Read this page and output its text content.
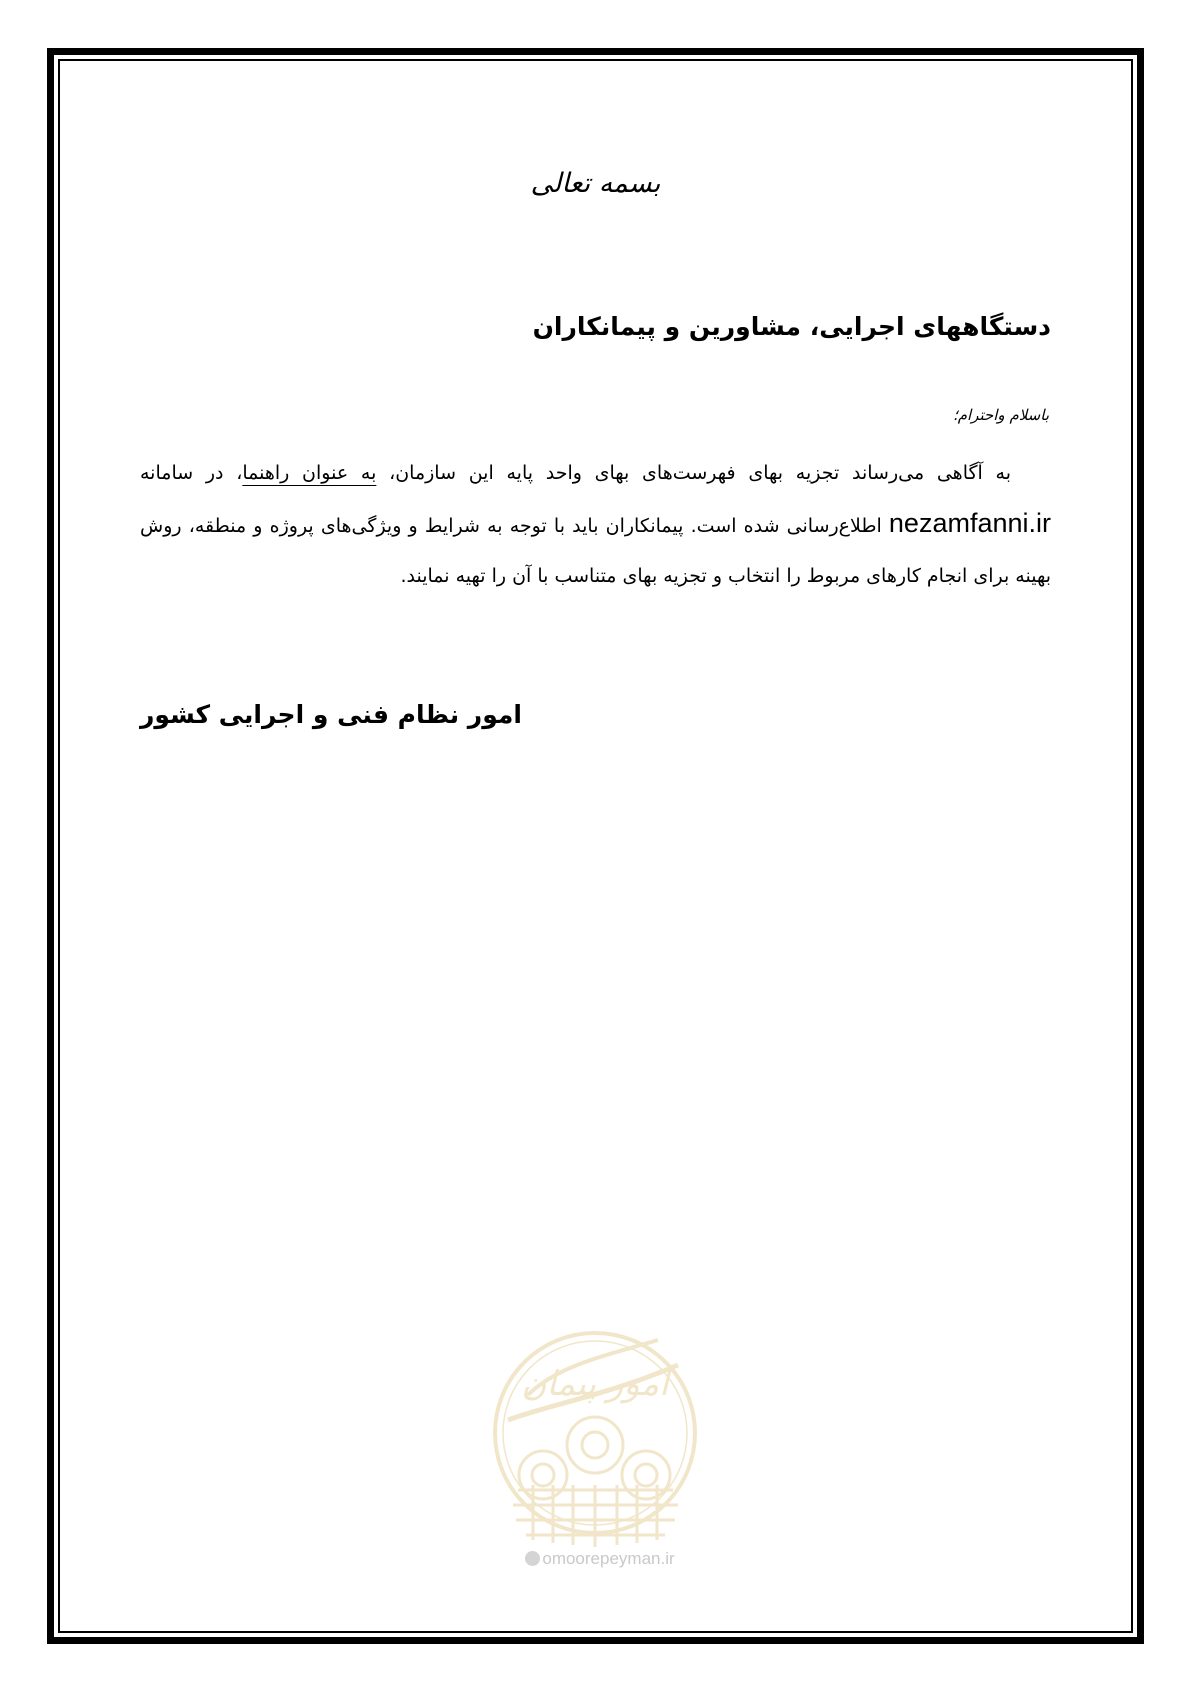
بسمه تعالی
دستگاههای اجرایی، مشاورین و پیمانکاران
باسلام واحترام؛
به آگاهی می‌رساند تجزیه بهای فهرست‌های بهای واحد پایه این سازمان، به عنوان راهنما، در سامانه nezamfanni.ir اطلاع‌رسانی شده است. پیمانکاران باید با توجه به شرایط و ویژگی‌های پروژه و منطقه، روش بهینه برای انجام کارهای مربوط را انتخاب و تجزیه بهای متناسب با آن را تهیه نمایند.
امور نظام فنی و اجرایی کشور
امور پیمان
omoorepeyman.ir
